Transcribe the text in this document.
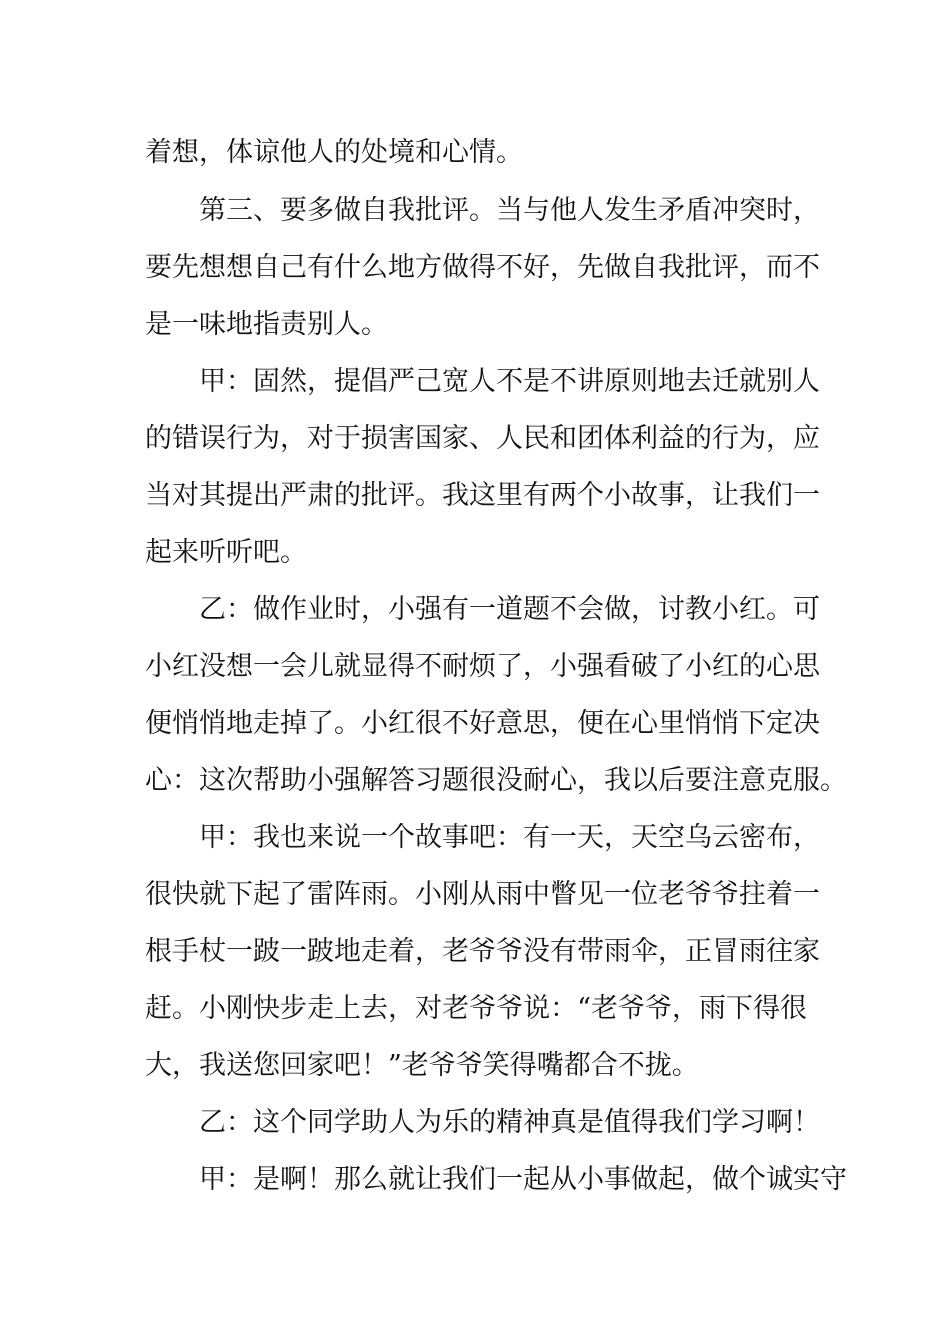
着想，体谅他人的处境和心情。
第三、要多做自我批评。当与他人发生矛盾冲突时，
要先想想自己有什么地方做得不好，先做自我批评，而不
是一味地指责别人。
甲：固然，提倡严己宽人不是不讲原则地去迁就别人
的错误行为，对于损害国家、人民和团体利益的行为，应
当对其提出严肃的批评。我这里有两个小故事，让我们一
起来听听吧。
乙：做作业时，小强有一道题不会做，讨教小红。可
小红没想一会儿就显得不耐烦了，小强看破了小红的心思
便悄悄地走掉了。小红很不好意思，便在心里悄悄下定决
心：这次帮助小强解答习题很没耐心，我以后要注意克服。
甲：我也来说一个故事吧：有一天，天空乌云密布，
很快就下起了雷阵雨。小刚从雨中瞥见一位老爷爷拄着一
根手杖一跛一跛地走着，老爷爷没有带雨伞，正冒雨往家
赶。小刚快步走上去，对老爷爷说：“老爷爷，雨下得很
大，我送您回家吧！”老爷爷笑得嘴都合不拢。
乙：这个同学助人为乐的精神真是值得我们学习啊！
甲：是啊！那么就让我们一起从小事做起，做个诚实守
